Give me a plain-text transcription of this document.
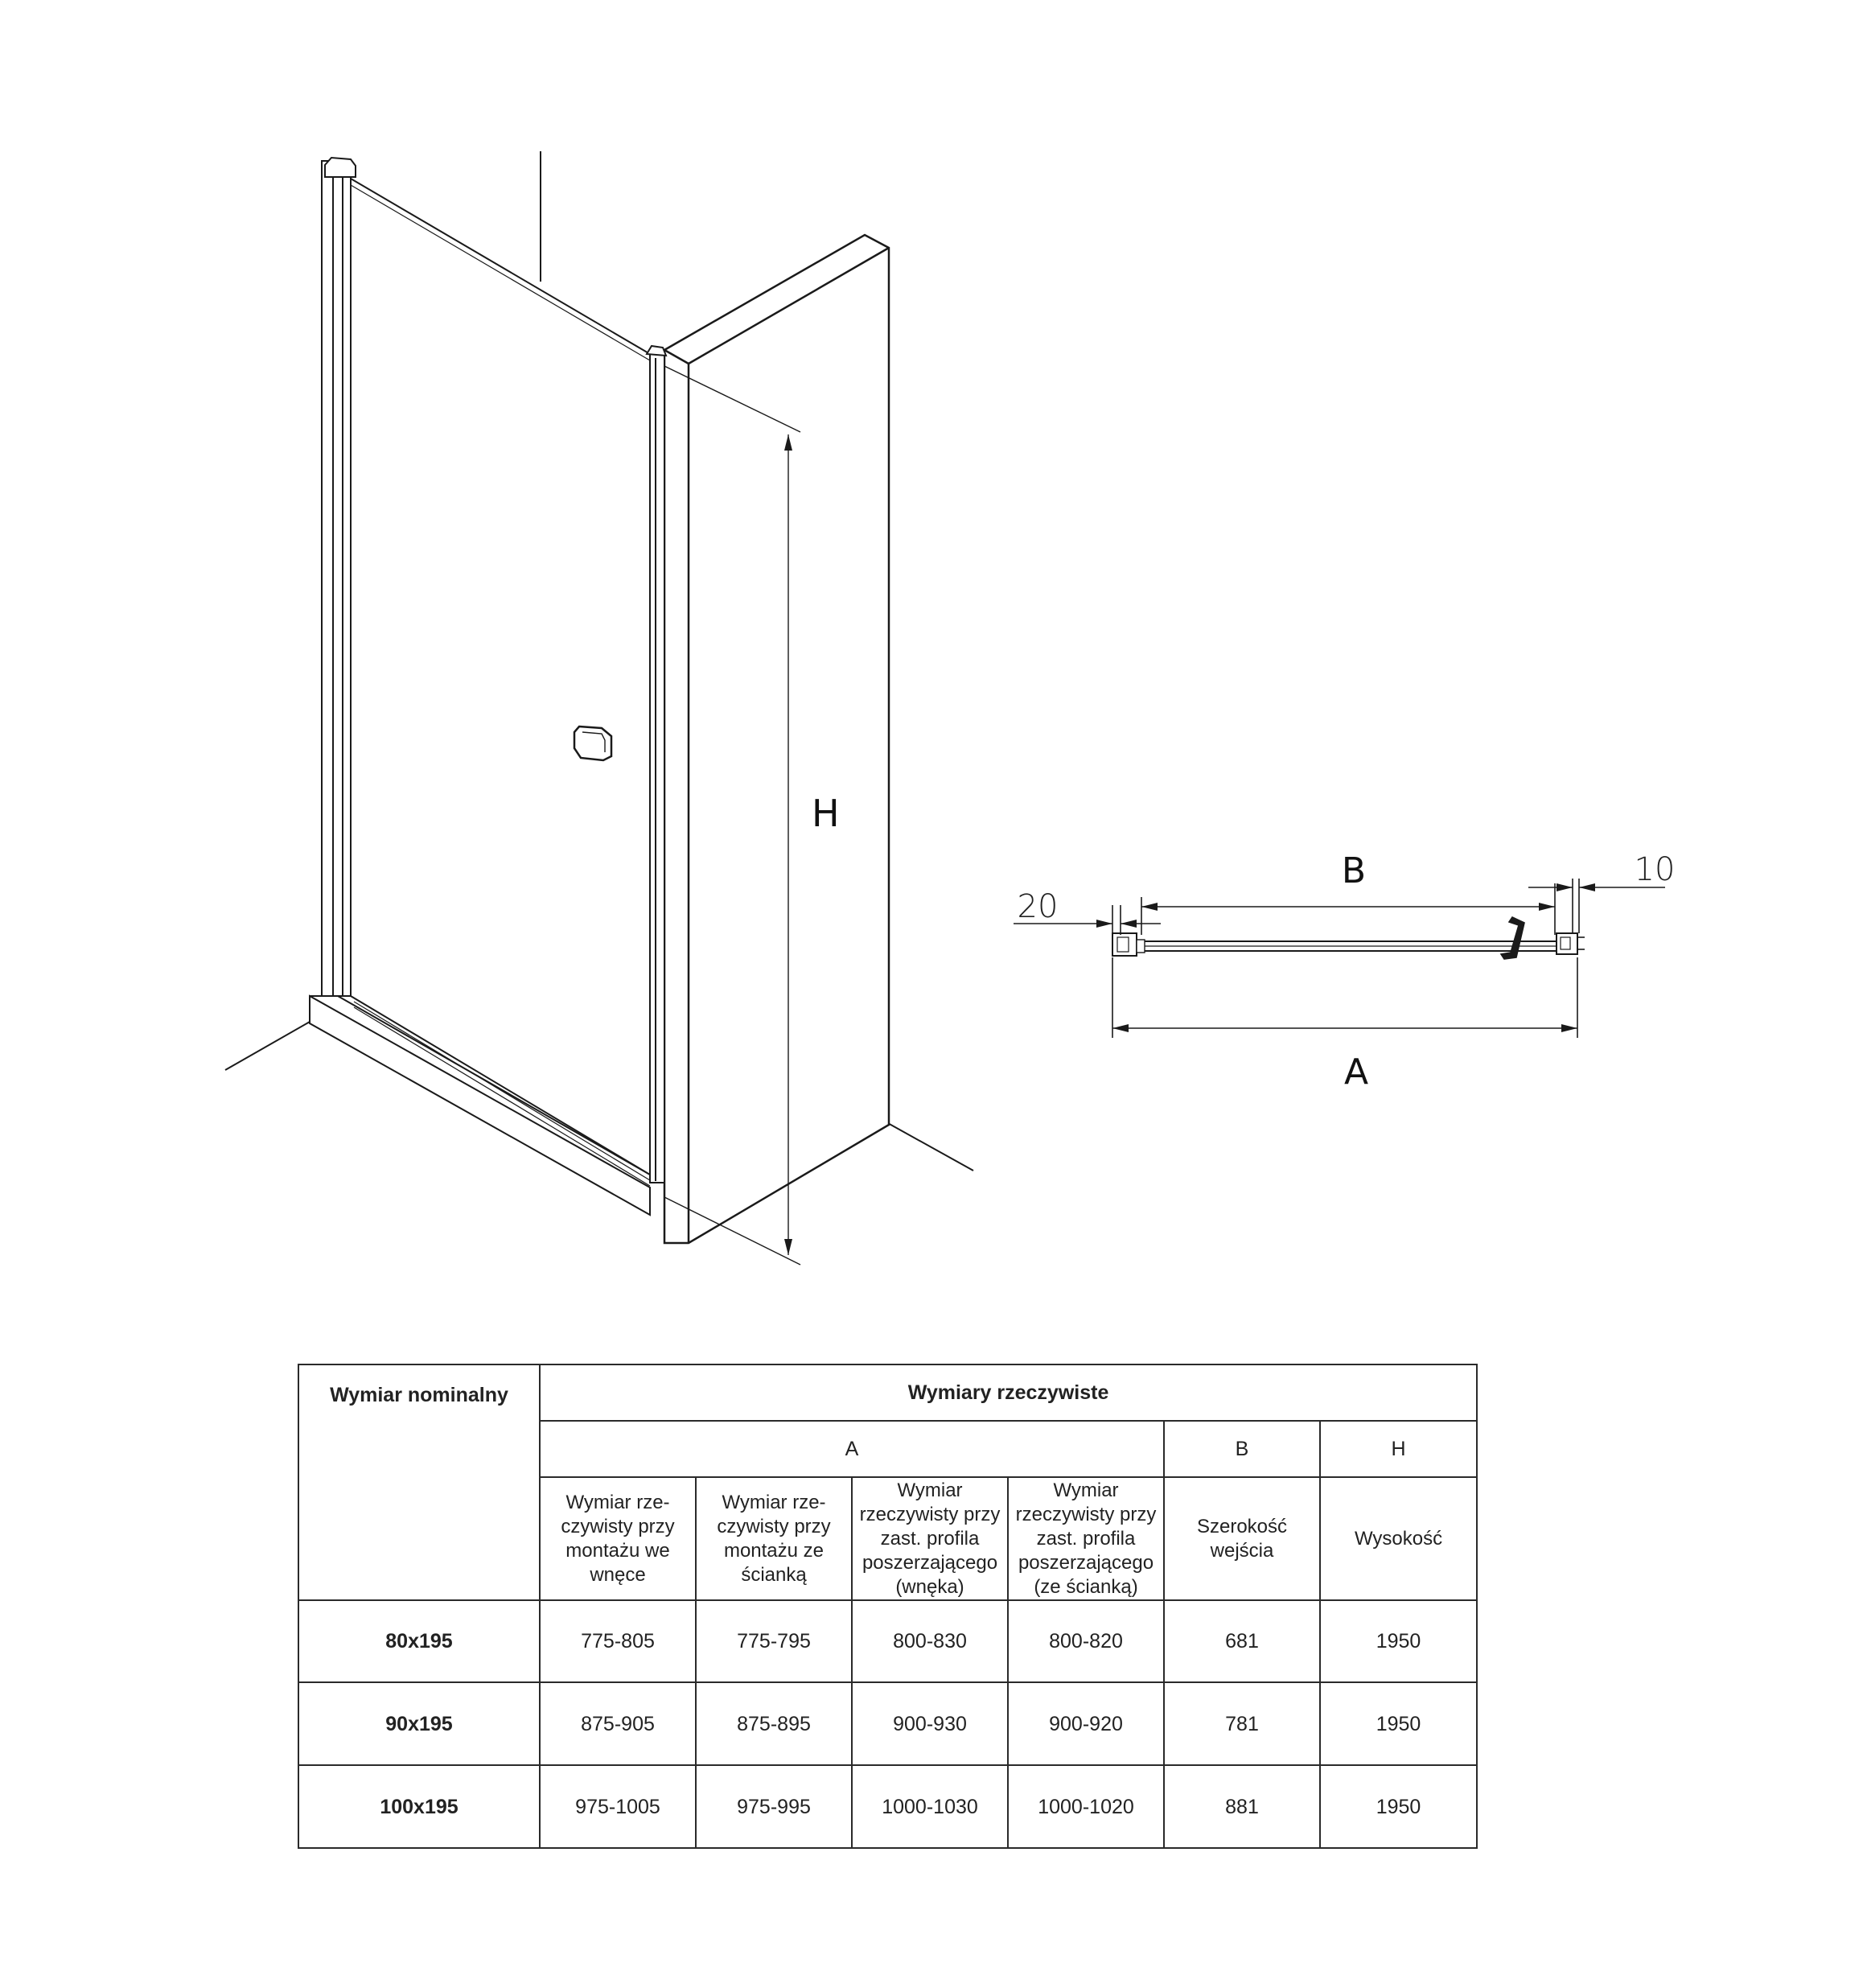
H
B
A
20
10
Wymiar nominalny	Wymiary rzeczywiste					
	A				B	H
	Wymiar rze-czywisty przy montażu we wnęce	Wymiar rze-czywisty przy montażu ze ścianką	Wymiar rzeczywisty przy zast. profila poszerzającego (wnęka)	Wymiar rzeczywisty przy zast. profila poszerzającego (ze ścianką)	Szerokość wejścia	Wysokość
80x195	775-805	775-795	800-830	800-820	681	1950
90x195	875-905	875-895	900-930	900-920	781	1950
100x195	975-1005	975-995	1000-1030	1000-1020	881	1950
